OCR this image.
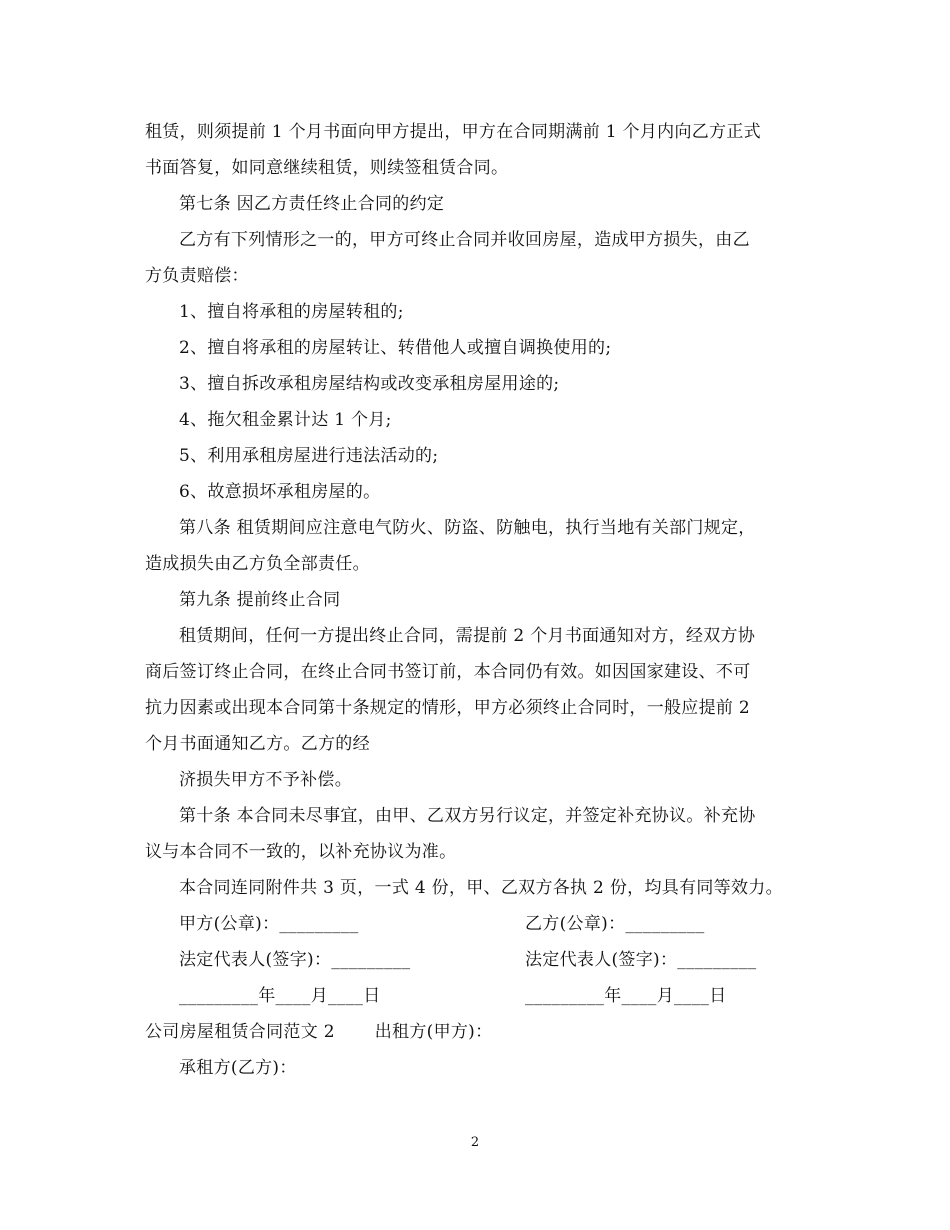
租赁，则须提前 1 个月书面向甲方提出，甲方在合同期满前 1 个月内向乙方正式
书面答复，如同意继续租赁，则续签租赁合同。
第七条 因乙方责任终止合同的约定
乙方有下列情形之一的，甲方可终止合同并收回房屋，造成甲方损失，由乙
方负责赔偿：
1、擅自将承租的房屋转租的;
2、擅自将承租的房屋转让、转借他人或擅自调换使用的;
3、擅自拆改承租房屋结构或改变承租房屋用途的;
4、拖欠租金累计达 1 个月;
5、利用承租房屋进行违法活动的;
6、故意损坏承租房屋的。
第八条 租赁期间应注意电气防火、防盗、防触电，执行当地有关部门规定，
造成损失由乙方负全部责任。
第九条 提前终止合同
租赁期间，任何一方提出终止合同，需提前 2 个月书面通知对方，经双方协
商后签订终止合同，在终止合同书签订前，本合同仍有效。如因国家建设、不可
抗力因素或出现本合同第十条规定的情形，甲方必须终止合同时，一般应提前 2
个月书面通知乙方。乙方的经
济损失甲方不予补偿。
第十条 本合同未尽事宜，由甲、乙双方另行议定，并签定补充协议。补充协
议与本合同不一致的，以补充协议为准。
本合同连同附件共 3 页，一式 4 份，甲、乙双方各执 2 份，均具有同等效力。
甲方(公章)：_________	乙方(公章)：_________
法定代表人(签字)：_________	法定代表人(签字)：_________
_________年____月____日	_________年____月____日
公司房屋租赁合同范文 2       出租方(甲方)：
承租方(乙方)：
2
